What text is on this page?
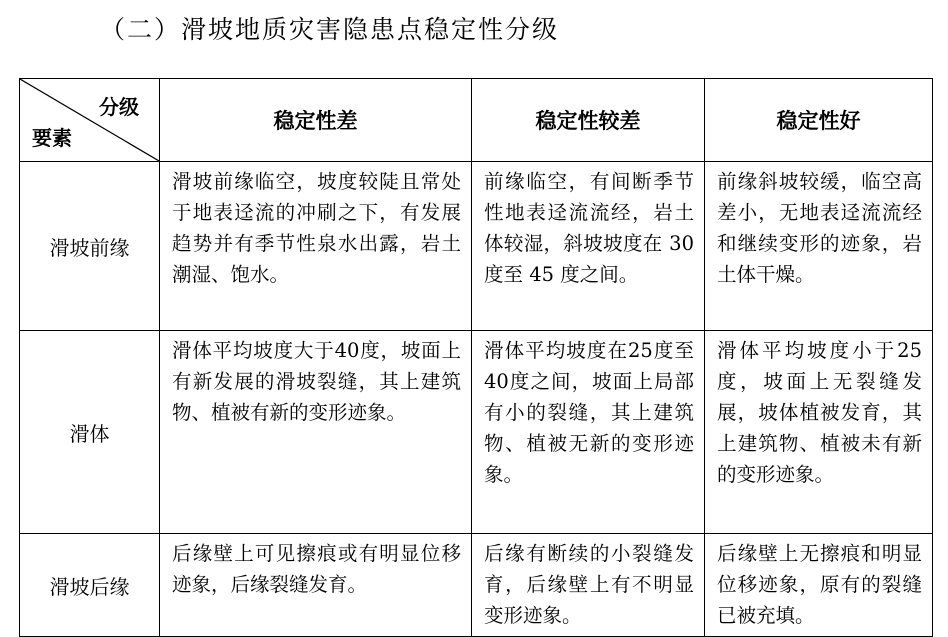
（二）滑坡地质灾害隐患点稳定性分级
分级
要素	稳定性差	稳定性较差	稳定性好
滑坡前缘	滑坡前缘临空，坡度较陡且常处于地表迳流的冲刷之下，有发展趋势并有季节性泉水出露，岩土潮湿、饱水。	前缘临空，有间断季节性地表迳流流经，岩土体较湿，斜坡坡度在 30 度至 45 度之间。	前缘斜坡较缓，临空高差小，无地表迳流流经和继续变形的迹象，岩土体干燥。
滑体	滑体平均坡度大于40度，坡面上有新发展的滑坡裂缝，其上建筑物、植被有新的变形迹象。	滑体平均坡度在25度至40度之间，坡面上局部有小的裂缝，其上建筑物、植被无新的变形迹象。	滑体平均坡度小于25度，坡面上无裂缝发展，坡体植被发育，其上建筑物、植被未有新的变形迹象。
滑坡后缘	后缘壁上可见擦痕或有明显位移迹象，后缘裂缝发育。	后缘有断续的小裂缝发育，后缘壁上有不明显变形迹象。	后缘壁上无擦痕和明显位移迹象，原有的裂缝已被充填。
